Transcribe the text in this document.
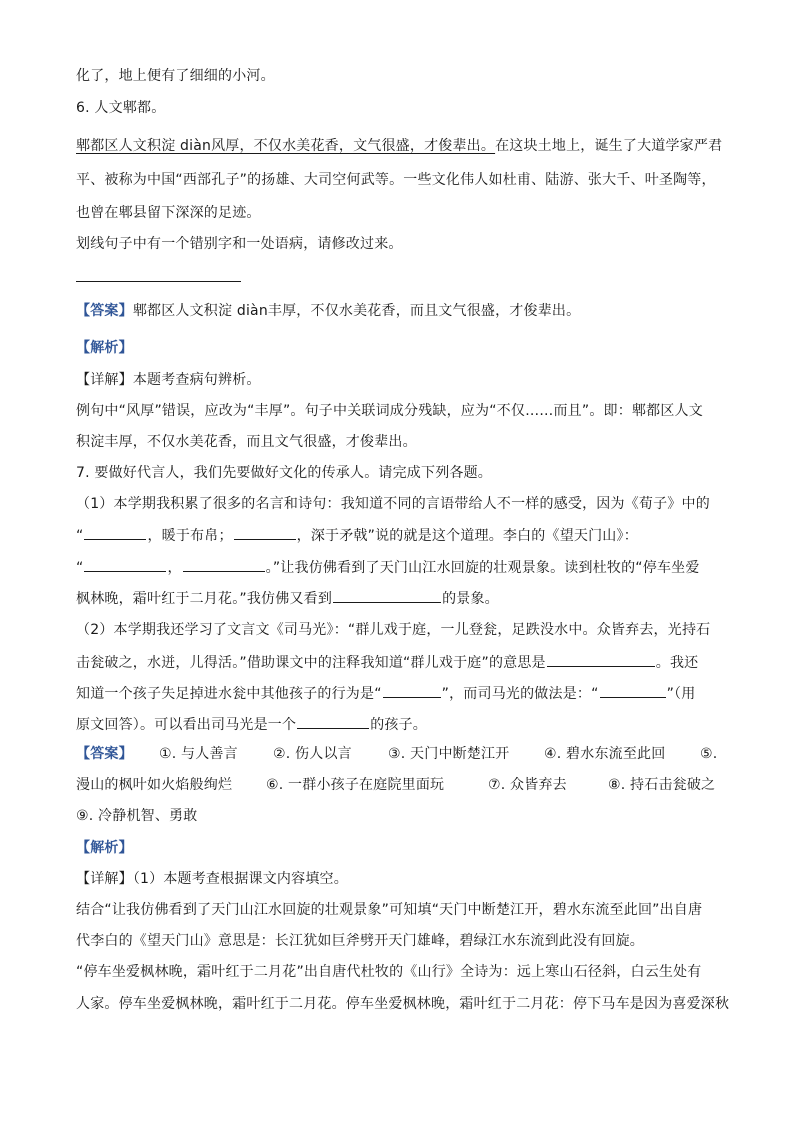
化了，地上便有了细细的小河。
6. 人文郫都。
郫都区人文积淀 diàn风厚，不仅水美花香，文气很盛，才俊辈出。在这块土地上，诞生了大道学家严君
平、被称为中国“西部孔子”的扬雄、大司空何武等。一些文化伟人如杜甫、陆游、张大千、叶圣陶等，
也曾在郫县留下深深的足迹。
划线句子中有一个错别字和一处语病，请修改过来。
【答案】郫都区人文积淀 diàn丰厚，不仅水美花香，而且文气很盛，才俊辈出。
【解析】
【详解】本题考查病句辨析。
例句中“风厚”错误，应改为“丰厚”。句子中关联词成分残缺，应为“不仅……而且”。即：郫都区人文
积淀丰厚，不仅水美花香，而且文气很盛，才俊辈出。
7. 要做好代言人，我们先要做好文化的传承人。请完成下列各题。
（1）本学期我积累了很多的名言和诗句：我知道不同的言语带给人不一样的感受，因为《荀子》中的
“	，暖于布帛；	，深于矛戟”说的就是这个道理。李白的《望天门山》：
“	，	。”让我仿佛看到了天门山江水回旋的壮观景象。读到杜牧的“停车坐爱
枫林晚，霜叶红于二月花。”我仿佛又看到	的景象。
（2）本学期我还学习了文言文《司马光》：“群儿戏于庭，一儿登瓮，足跌没水中。众皆弃去，光持石
击瓮破之，水迸，儿得活。”借助课文中的注释我知道“群儿戏于庭”的意思是	。我还
知道一个孩子失足掉进水瓮中其他孩子的行为是“	”，而司马光的做法是：“	”（用
原文回答）。可以看出司马光是一个	的孩子。
【答案】 ①. 与人善言	②. 伤人以言	③. 天门中断楚江开 ④. 碧水东流至此回 ⑤.
漫山的枫叶如火焰般绚烂 ⑥. 一群小孩子在庭院里面玩	⑦. 众皆弃去	⑧. 持石击瓮破之
⑨. 冷静机智、勇敢
【解析】
【详解】（1）本题考查根据课文内容填空。
结合“让我仿佛看到了天门山江水回旋的壮观景象”可知填“天门中断楚江开，碧水东流至此回”出自唐
代李白的《望天门山》意思是：长江犹如巨斧劈开天门雄峰，碧绿江水东流到此没有回旋。
“停车坐爱枫林晚，霜叶红于二月花”出自唐代杜牧的《山行》全诗为：远上寒山石径斜，白云生处有
人家。停车坐爱枫林晚，霜叶红于二月花。停车坐爱枫林晚，霜叶红于二月花：停下马车是因为喜爱深秋
